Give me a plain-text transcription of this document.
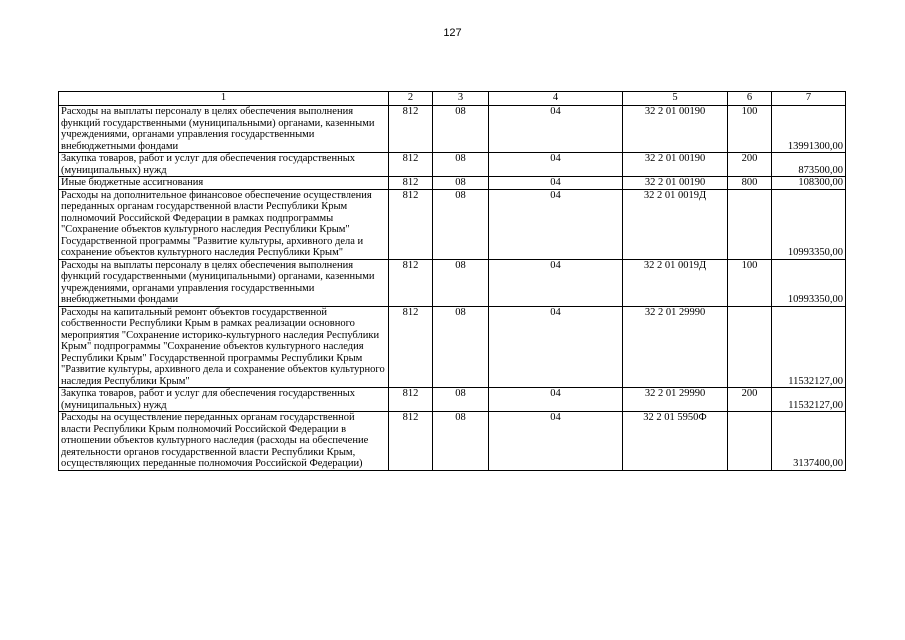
127
1	2	3	4	5	6	7
Расходы на выплаты персоналу в целях обеспечения выполнения функций государственными (муниципальными) органами, казенными учреждениями, органами управления государственными внебюджетными фондами	812	08	04	32 2 01 00190	100	13991300,00
Закупка товаров, работ и услуг для обеспечения государственных (муниципальных) нужд	812	08	04	32 2 01 00190	200	873500,00
Иные бюджетные ассигнования	812	08	04	32 2 01 00190	800	108300,00
Расходы на дополнительное финансовое обеспечение осуществления переданных органам государственной власти Республики Крым полномочий Российской Федерации в рамках подпрограммы "Сохранение объектов культурного наследия Республики Крым" Государственной программы "Развитие культуры, архивного дела и сохранение объектов культурного наследия Республики Крым"	812	08	04	32 2 01 0019Д		10993350,00
Расходы на выплаты персоналу в целях обеспечения выполнения функций государственными (муниципальными) органами, казенными учреждениями, органами управления государственными внебюджетными фондами	812	08	04	32 2 01 0019Д	100	10993350,00
Расходы на капитальный ремонт объектов государственной собственности Республики Крым в рамках реализации основного мероприятия "Сохранение историко-культурного наследия Республики Крым" подпрограммы "Сохранение объектов культурного наследия Республики Крым" Государственной программы Республики Крым "Развитие культуры, архивного дела и сохранение объектов культурного наследия Республики Крым"	812	08	04	32 2 01 29990		11532127,00
Закупка товаров, работ и услуг для обеспечения государственных (муниципальных) нужд	812	08	04	32 2 01 29990	200	11532127,00
Расходы на осуществление переданных органам государственной власти Республики Крым полномочий Российской Федерации в отношении объектов культурного наследия (расходы на обеспечение деятельности органов государственной власти Республики Крым, осуществляющих переданные полномочия Российской Федерации)	812	08	04	32 2 01 5950Ф		3137400,00
